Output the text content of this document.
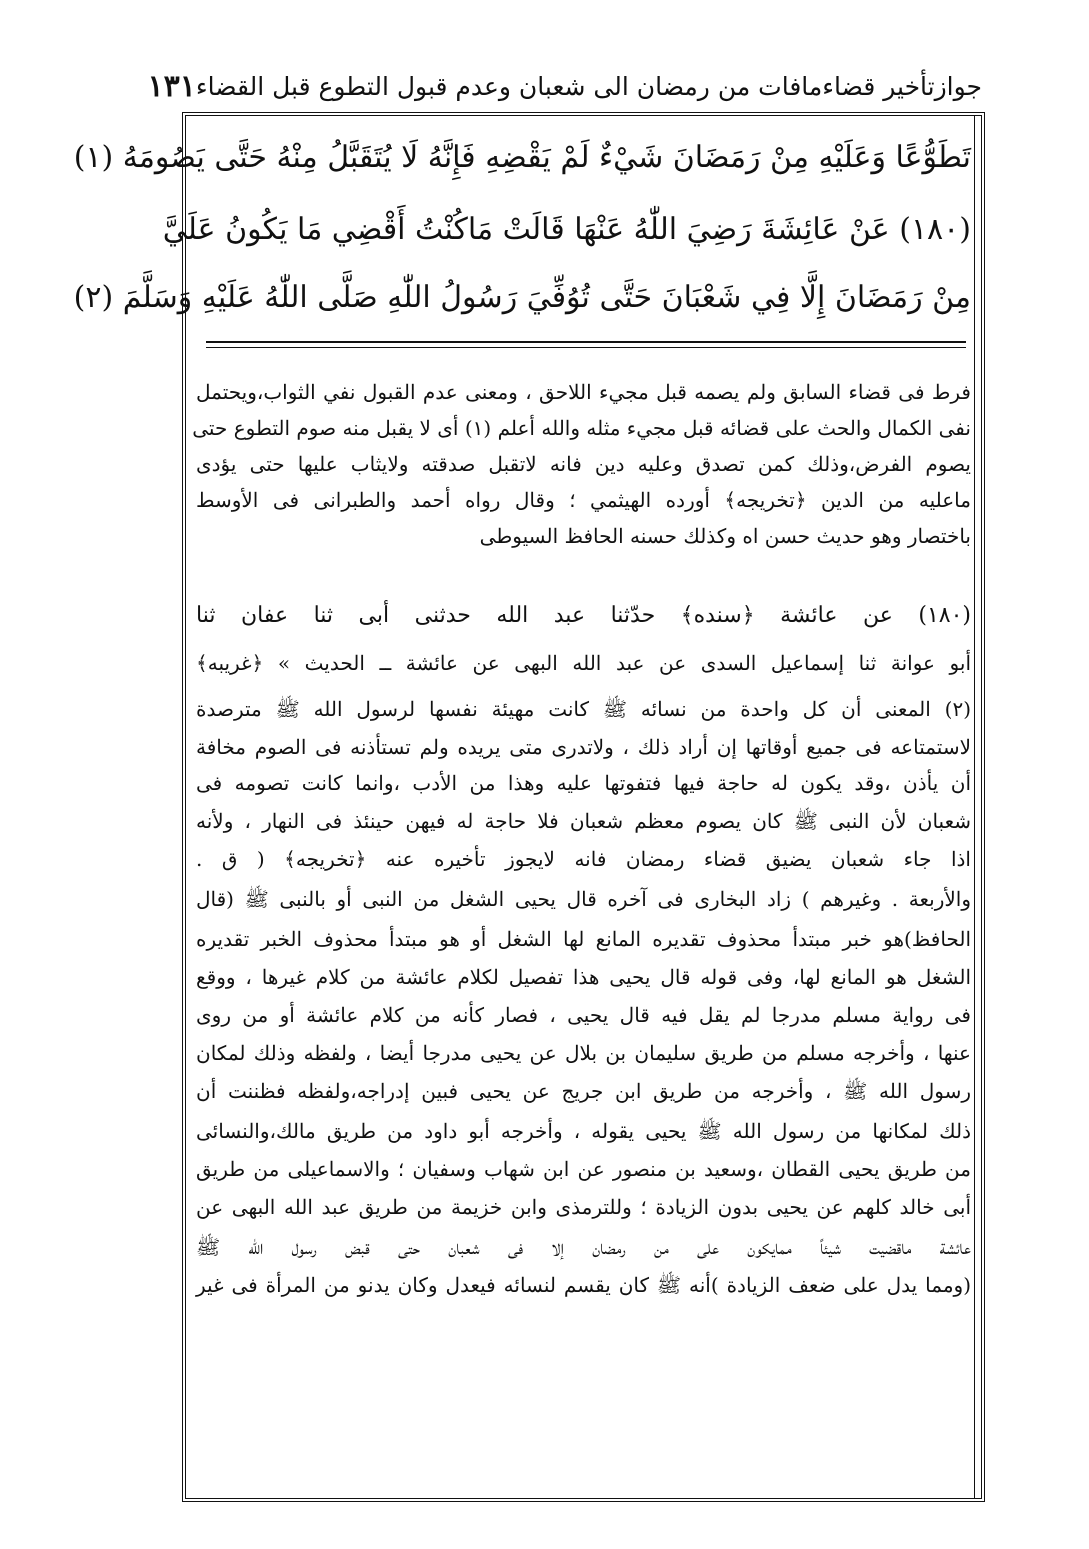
جوازتأخير قضاءمافات من رمضان الى شعبان وعدم قبول التطوع قبل القضاء
١٣١
تَطَوُّعًا وَعَلَيْهِ مِنْ رَمَضَانَ شَيْءٌ لَمْ يَقْضِهِ فَإِنَّهُ لَا يُتَقَبَّلُ مِنْهُ حَتَّى يَصُومَهُ (١)
(١٨٠) عَنْ عَائِشَةَ رَضِيَ اللّٰهُ عَنْهَا قَالَتْ مَاكُنْتُ أَقْضِي مَا يَكُونُ عَلَيَّ
مِنْ رَمَضَانَ إِلَّا فِي شَعْبَانَ حَتَّى تُوُفِّيَ رَسُولُ اللّٰهِ صَلَّى اللّٰهُ عَلَيْهِ وَسَلَّمَ (٢)
فرط فى قضاء السابق ولم يصمه قبل مجيء اللاحق ، ومعنى عدم القبول نفي الثواب،ويحتمل
نفى الكمال والحث على قضائه قبل مجيء مثله والله أعلم (١) أى لا يقبل منه صوم التطوع حتى
يصوم الفرض،وذلك كمن تصدق وعليه دين فانه لاتقبل صدقته ولايثاب عليها حتى يؤدى
ماعليه من الدين ﴿تخريجه﴾ أورده الهيثمي ؛ وقال رواه أحمد والطبرانى فى الأوسط
باختصار وهو حديث حسن اه وكذلك حسنه الحافظ السيوطى
(١٨٠) عن عائشة ﴿سنده﴾ حدّثنا عبد الله حدثنى أبى ثنا عفان ثنا
أبو عوانة ثنا إسماعيل السدى عن عبد الله البهى عن عائشة ــ الحديث » ﴿غريبه﴾
(٢) المعنى أن كل واحدة من نسائه ﷺ كانت مهيئة نفسها لرسول الله ﷺ مترصدة
لاستمتاعه فى جميع أوقاتها إن أراد ذلك ، ولاتدرى متى يريده ولم تستأذنه فى الصوم مخافة
أن يأذن ،وقد يكون له حاجة فيها فتفوتها عليه وهذا من الأدب ،وانما كانت تصومه فى
شعبان لأن النبى ﷺ كان يصوم معظم شعبان فلا حاجة له فيهن حينئذ فى النهار ، ولأنه
اذا جاء شعبان يضيق قضاء رمضان فانه لايجوز تأخيره عنه ﴿تخريجه﴾ ( ق .
والأربعة . وغيرهم ) زاد البخارى فى آخره قال يحيى الشغل من النبى أو بالنبى ﷺ (قال
الحافظ)هو خبر مبتدأ محذوف تقديره المانع لها الشغل أو هو مبتدأ محذوف الخبر تقديره
الشغل هو المانع لها، وفى قوله قال يحيى هذا تفصيل لكلام عائشة من كلام غيرها ، ووقع
فى رواية مسلم مدرجا لم يقل فيه قال يحيى ، فصار كأنه من كلام عائشة أو من روى
عنها ، وأخرجه مسلم من طريق سليمان بن بلال عن يحيى مدرجا أيضا ، ولفظه وذلك لمكان
رسول الله ﷺ ، وأخرجه من طريق ابن جريج عن يحيى فبين إدراجه،ولفظه فظننت أن
ذلك لمكانها من رسول الله ﷺ يحيى يقوله ، وأخرجه أبو داود من طريق مالك،والنسائى
من طريق يحيى القطان ،وسعيد بن منصور عن ابن شهاب وسفيان ؛ والاسماعيلى من طريق
أبى خالد كلهم عن يحيى بدون الزيادة ؛ وللترمذى وابن خزيمة من طريق عبد الله البهى عن
عائشة ماقضيت شيئاً ممايكون على من رمضان إلا فى شعبان حتى قبض رسول الله ﷺ
(ومما يدل على ضعف الزيادة )أنه ﷺ كان يقسم لنسائه فيعدل وكان يدنو من المرأة فى غير
